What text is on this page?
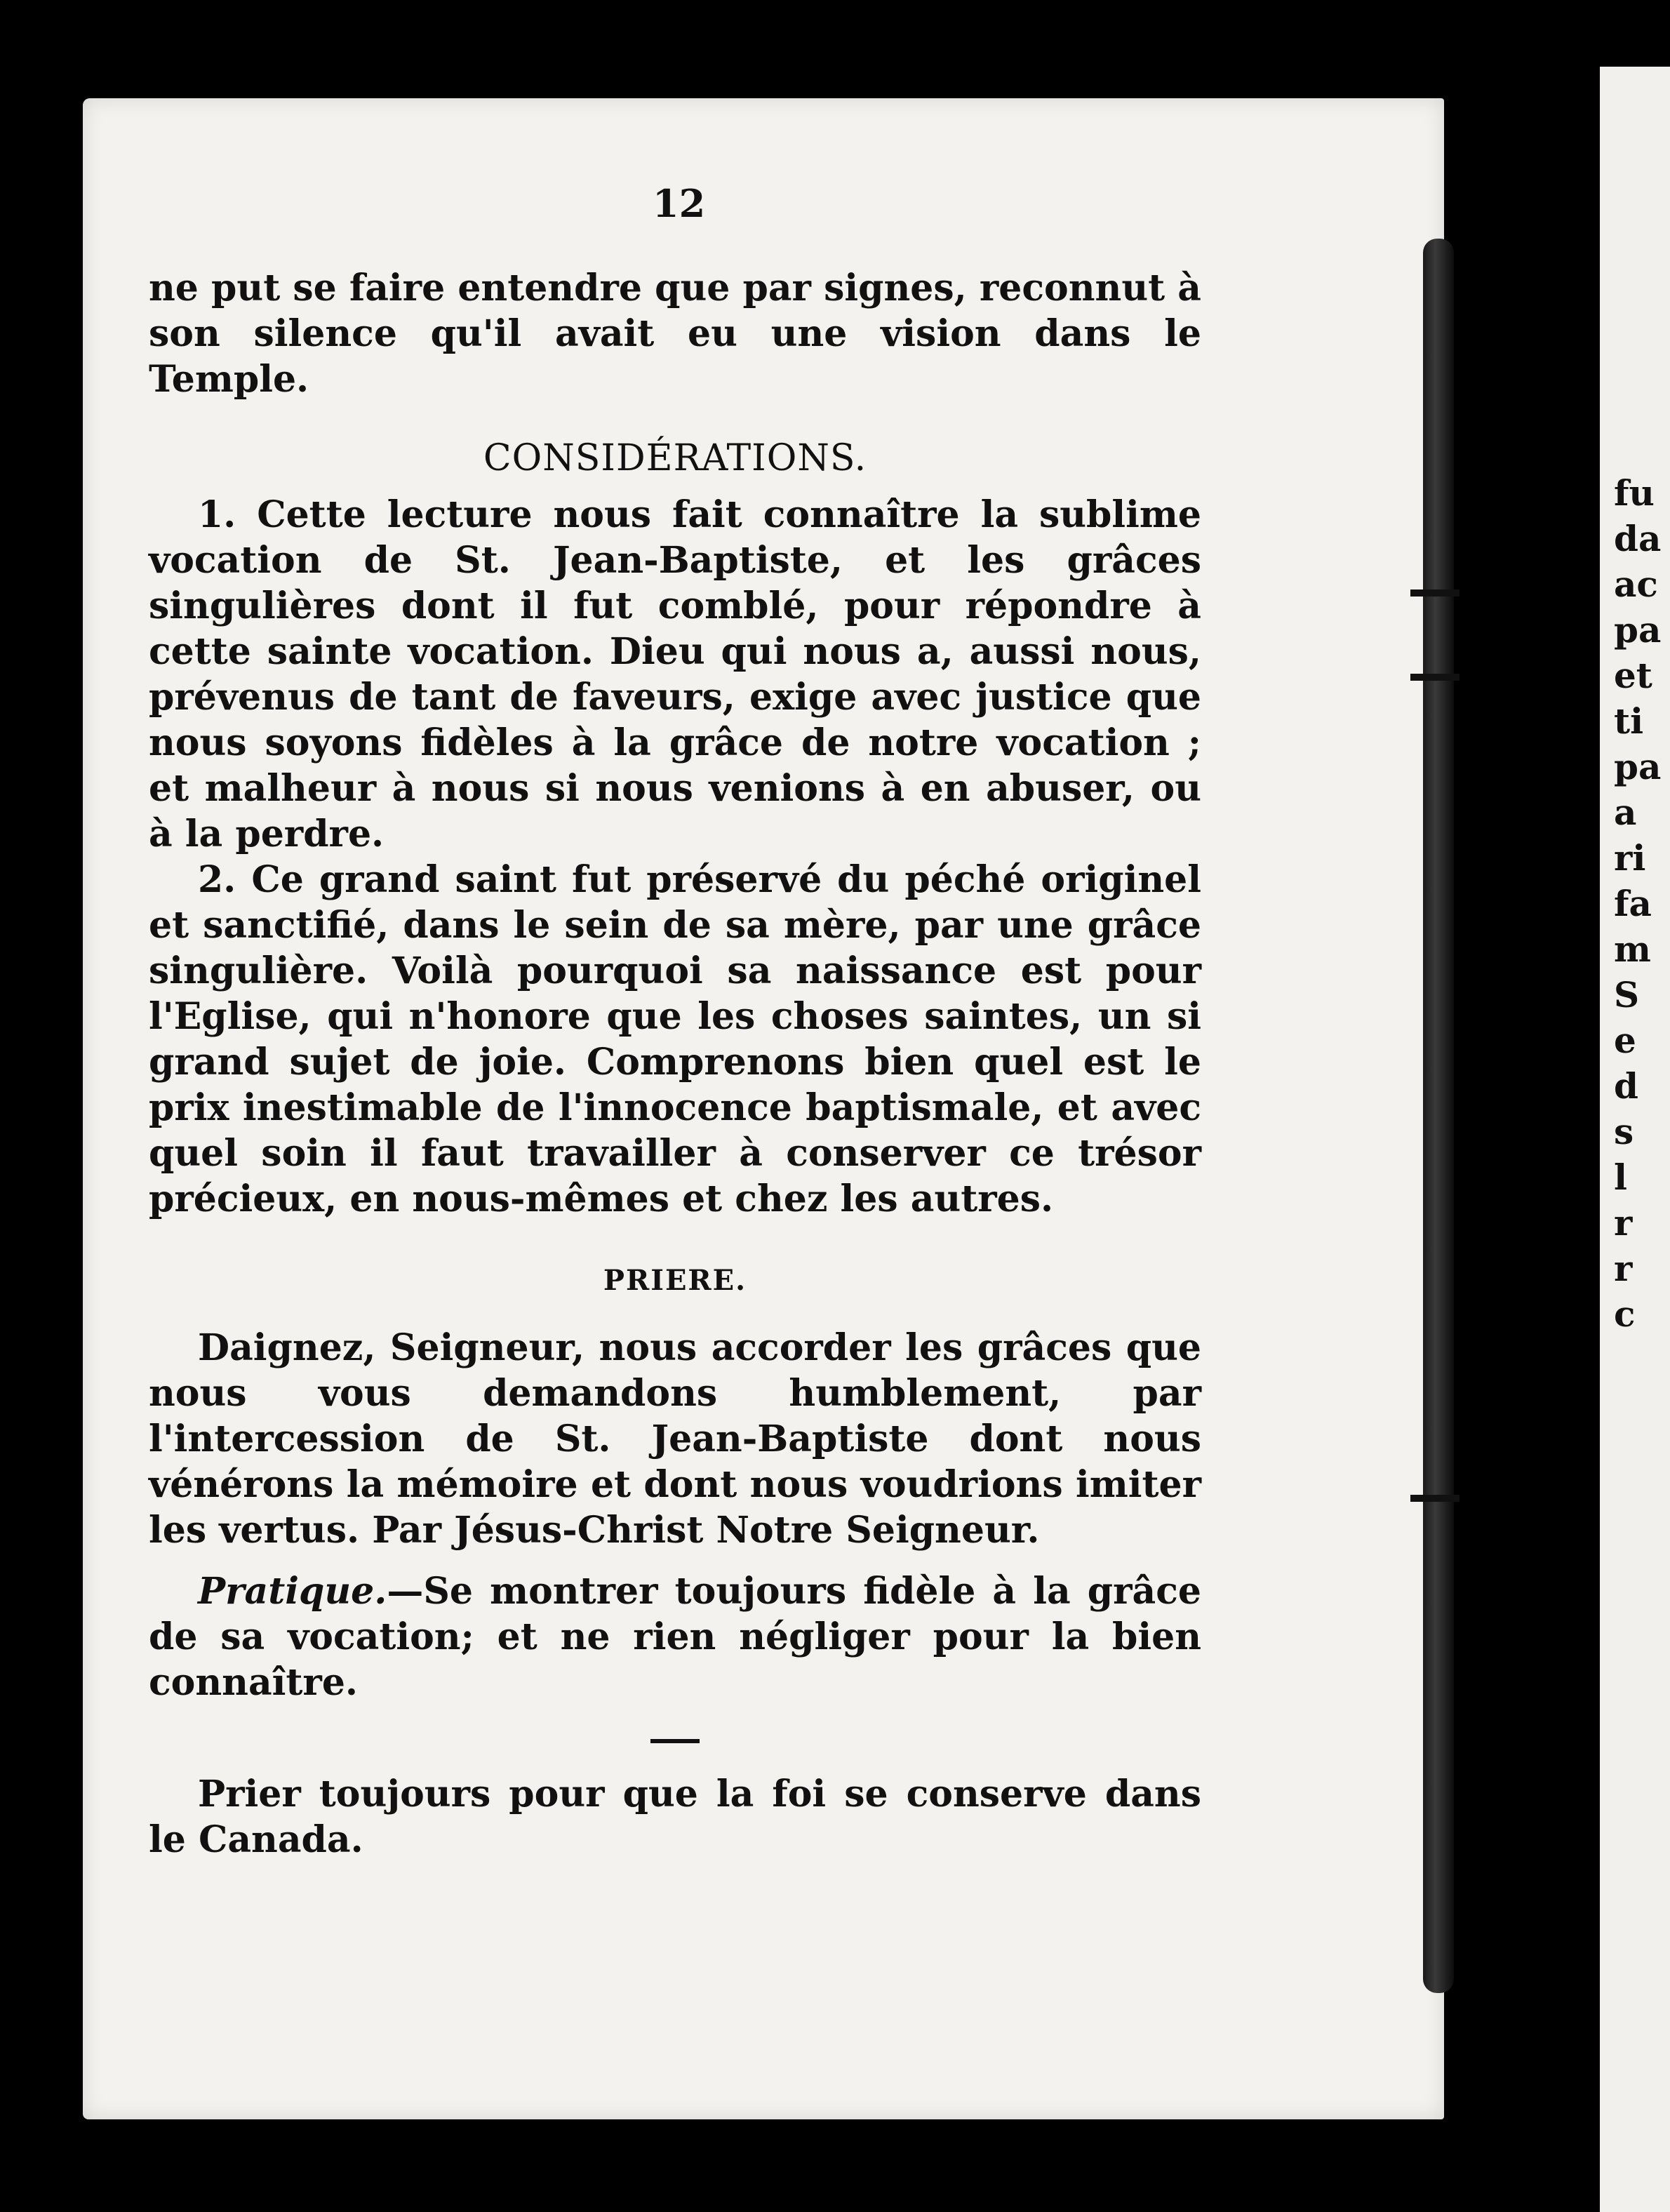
12

ne put se faire entendre que par signes, reconnut à son silence qu'il avait eu une vision dans le Temple.

CONSIDÉRATIONS.

1. Cette lecture nous fait connaître la sublime vocation de St. Jean-Baptiste, et les grâces singulières dont il fut comblé, pour répondre à cette sainte vocation. Dieu qui nous a, aussi nous, prévenus de tant de faveurs, exige avec justice que nous soyons fidèles à la grâce de notre vocation ; et malheur à nous si nous venions à en abuser, ou à la perdre.

2. Ce grand saint fut préservé du péché originel et sanctifié, dans le sein de sa mère, par une grâce singulière. Voilà pourquoi sa naissance est pour l'Eglise, qui n'honore que les choses saintes, un si grand sujet de joie. Comprenons bien quel est le prix inestimable de l'innocence baptismale, et avec quel soin il faut travailler à conserver ce trésor précieux, en nous-mêmes et chez les autres.

PRIERE.

Daignez, Seigneur, nous accorder les grâces que nous vous demandons humblement, par l'intercession de St. Jean-Baptiste dont nous vénérons la mémoire et dont nous voudrions imiter les vertus. Par Jésus-Christ Notre Seigneur.

Pratique.—Se montrer toujours fidèle à la grâce de sa vocation; et ne rien négliger pour la bien connaître.

Prier toujours pour que la foi se conserve dans le Canada.

fu
da
ac
pa
et
ti
pa
a
ri
fa
m
S
e
d
s
l
r
r
c
